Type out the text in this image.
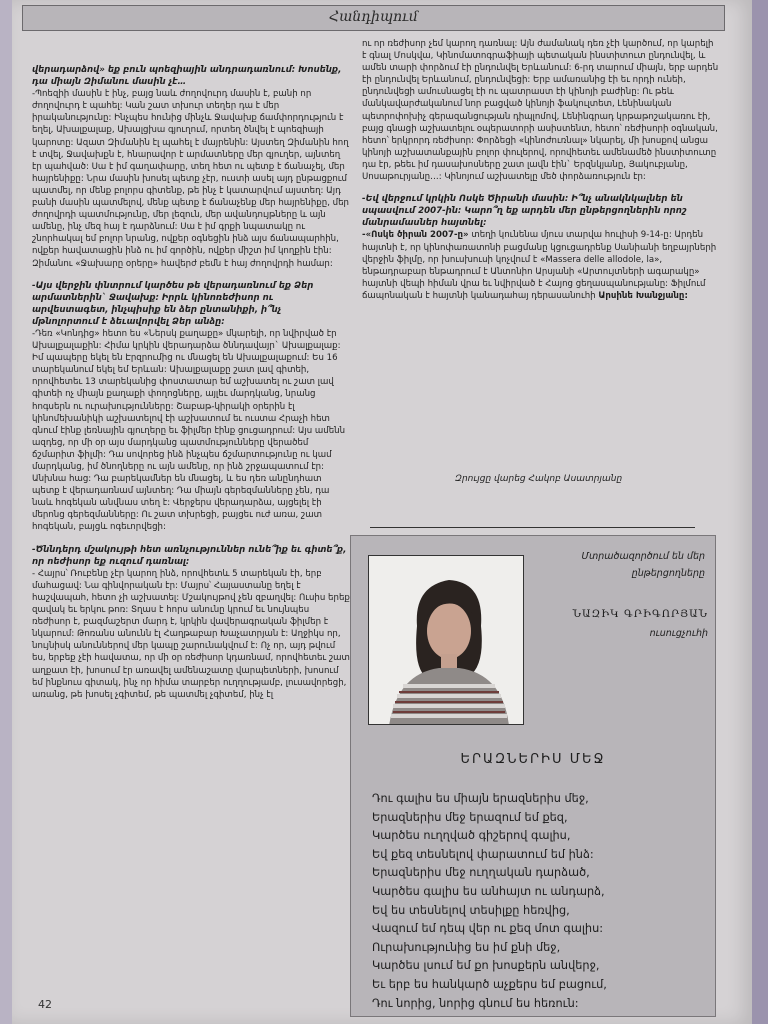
Հանդիպում

վերադարձով» եք բուն պոեզիային անդրադառնում: Խոսենք, դա միայն Զիմանու մասին չէ…

-Պոեզիի մասին է ինչ, բայց նաև ժողովուրդ մասին է, բանի որ ժողովուրդ է պահել: Կան շատ տխուր տեղեր դա է մեր իրականությունը: Ինչպես հունից մինչև Ջավախք ճամփորդություն է եղել, Ախալքալաք, Ախալցխա գյուղում, որտեղ ծնվել է պոեզիայի կարոտը: Ազատ Զիմանին էլ պահել է մայրենին: Այստեղ Զիմանին հող է տվել, Ջավախքն է, հնարավոր է արմատները մեր գյուղեր, այնտեղ էր պահված: Սա է իմ գաղափարը, տեղ հետ ու պետք է ճանաչել, մեր հայրենիքը: Նրա մասին խոսել պետք չէր, ուստի ասել այդ ընթացքում պատմել, որ մենք բոլորս գիտենք, թե ինչ է կատարվում այստեղ: Այդ բանի մասին պատմելով, մենք պետք է ճանաչենք մեր հայրենիքը, մեր ժողովրդի պատմությունը, մեր լեզուն, մեր ավանդույթները և այն ամենը, ինչ մեզ հայ է դարձնում: Սա է իմ գրքի նպատակը ու շնորհակալ եմ բոլոր նրանց, ովքեր օգնեցին ինձ այս ճանապարհին, ովքեր հավատացին ինձ ու իմ գործին, ովքեր միշտ իմ կողքին էին: Զիմանու «Ջախարը օրերը» հավերժ բեմն է հայ ժողովրդի համար:

-Այս վերջին փնտրում կարծես թե վերադառնում եք Ձեր արմատներին` Ջավախք: Իրրև կինոռեժիսոր ու արվեստագետ, ինչպիսիք են ձեր ընտանիքի, ի՞նչ մթնոլորտում է ձեւավորվել Ձեր անձը:

-Դեռ «Կոնդից» հետո ես «Ներսկ քաղաքը» մկարելի, որ նվիրված էր Ախալքալաքին: Հիմա կրկին վերադարձա ծննդավայր` Ախալքալաք:
Իմ պապերը եկել են Էրզրումից ու մնացել են Ախալքալաքում: Ես 16 տարեկանում եկել եմ Երևան: Ախալքալաքը շատ լավ գիտեի, որովհետեւ 13 տարեկանից փոստատար եմ աշխատել ու շատ լավ գիտեի ոչ միայն քաղաքի փողոցները, այլեւ մարդկանց, նրանց հոգսերն ու ուրախությունները: Շաբաթ-կիրակի օրերին էլ կինոմեխանիկի աշխատելով էի աշխատում եւ ուստա Հրաչի հետ գնում էինք լեռնային գյուղերը եւ ֆիլմեր էինք ցուցադրում: Այս ամենն ազդեց, որ մի օր այս մարդկանց պատմությունները վերածեմ ճշմարիտ ֆիլմի: Դա սովորեց ինձ ինչպես ճշմարտությունը ու կամ մարդկանց, իմ ծնողները ու այն ամենը, որ ինձ շրջապատում էր: Անխնա հաց: Դա բարեկամներ են մնացել, և ես դեռ անընդհատ պետք է վերադառնամ այնտեղ: Դա միայն գերեզմանները չեն, դա նաև հոգեկան անվնաս տեղ է: Վերջերս վերադարձա, այցելել էի մերոնց գերեզմանները: Ու շատ տխրեցի, բայցեւ ուժ առա, շատ հոգեկան, բայցև ոգեւորվեցի:

-Ծննդերդ մշակույթի հետ առնչություններ ունե՞իք եւ գիտե՞ք, որ ոեժիսոր եք ուզում դառնալ:

- Հայրս՝ Ռուբենը չէր կարող ինձ, որովհետև 5 տարեկան էի, երբ մահացավ: Նա գինվորական էր: Մայրս՝ Հայաստանը եղել է հաշվապահ, հետո չի աշխատել: Մշակույթով չեն զբաղվել: Ուսիս երեք զավակ եւ երկու թոռ: Տղաս է հորս անունը կրում եւ նույնպես ռեժիսոր է, բազմաշերտ մարդ է, կրկին վավերագրական ֆիլմեր է նկարում: Թոռանս անունն էլ Հաղթաբար Խաչատրյան է: Աղջիկս որ, նույնիսկ անուններով մեր կապը շարունակվում է: Ոչ որ, այդ թվում ես, երբեք չէի հավատա, որ մի օր ռեժիսոր կդառնամ, որովհետեւ շատ աղքատ էի, խոսում էր առավել ամենաշատը վարպետների, խոսում եմ ինքնուս գիտակ, ինչ որ հիմա տարբեր ուղղությամբ, լուսավորեցի, առանց, թե խոսել չգիտեմ, թե պատմել չգիտեմ, ինչ էլ

ու որ ռեժիսոր չեմ կարող դառնալ: Այն ժամանակ դեռ չէի կարծում, որ կարելի է գնալ Մոսկվա, Կինոմատոգրաֆիայի պետական ինստիտուտ ընդունվել, և ամեն տարի փորձում էի ընդունվել Երևանում: 6-րդ տարում միայն, երբ արդեն էի ընդունվել Երևանում, ընդունվեցի: Երբ ամառանից էի եւ որդի ունեի, ընդունվեցի ամուսնացել էի ու պատրաստ էի կինոյի բաժինը: Ու թեև մանկավարժականում նոր բացված կինոյի ֆակուլտետ, Լենինական պետրոփոխիչ գերազանցության դիպլոմով, Լենինգրադ կրթաթոշակառու էի, բայց գնացի աշխատելու օպերատորի ասիստենտ, հետո՝ ռեժիսորի օգնական, հետո՝ երկրորդ ռեժիսոր: Փորձեցի «կինոժուռնալ» նկարել, մի խոսքով անցա կինոյի աշխատանքային բոլոր փուլերով, որովհետեւ ամենամեծ ինստիտուտը դա էր, թեեւ իմ դասախոսները շատ լավն էին` Երզնկյանը, Յակուբյանը, Սոսաթուրյանը…: Կինոյում աշխատելը մեծ փորձառություն էր:

-Եվ վերջում կրկին Ոսկե Ծիրանի մասին: Ի՞նչ անակնկալներ են սպասվում 2007-ին: Կարո՞ղ եք արդեն մեր ընթերցողներին որոշ մանրամասներ հայտնել:

-«Ոսկե ծիրան 2007-ը» տեղի կունենա մյուս տարվա հուլիսի 9-14-ը: Արդեն հայտնի է, որ կինոփառատոնի բացմանը կցուցադրենք Սանիանի եղբայրների վերջին ֆիլմը, որ խուսխուսի կոչվում է «Massera delle allodole, la», ենթադրաբար ենթադրում է Անտոնիո Արսյանի «Արտույտների ագարակը» հայտնի վեպի հիման վրա եւ նվիրված է Հայոց ցեղասպանությանը: Ֆիլմում ճապոնական է հայտնի կանադահայ դերասանուհի Արսինե Խանջյանը:

Զրույցը վարեց Հակոբ Ասատրյանը
Մտրածազործում են մեր
ընթերցողները
ՆԱԶԻԿ ԳՐԻԳՈՐՅԱՆ
ուսուցչուհի
ԵՐԱԶՆԵՐԻՍ ՄԵՋ
Դու գալիս ես միայն երազներիս մեջ,
Երազներիս մեջ երազում եմ քեզ,
Կարծես ուղղված գիշերով գալիս,
Եվ քեզ տեսնելով փարատում եմ ինձ:
Երազներիս մեջ ուղղական դարձած,
Կարծես գալիս ես անհայտ ու անդարձ,
Եվ ես տեսնելով տեսիլքը հեռվից,
Վազում եմ դեպ վեր ու քեզ մոտ գալիս:
Ուրախությունից ես իմ քնի մեջ,
Կարծես լսում եմ քո խոսքերն անվերջ,
Եւ երբ ես հանկարծ աչքերս եմ բացում,
Դու նորից, նորից գնում ես հեռուն:
42
